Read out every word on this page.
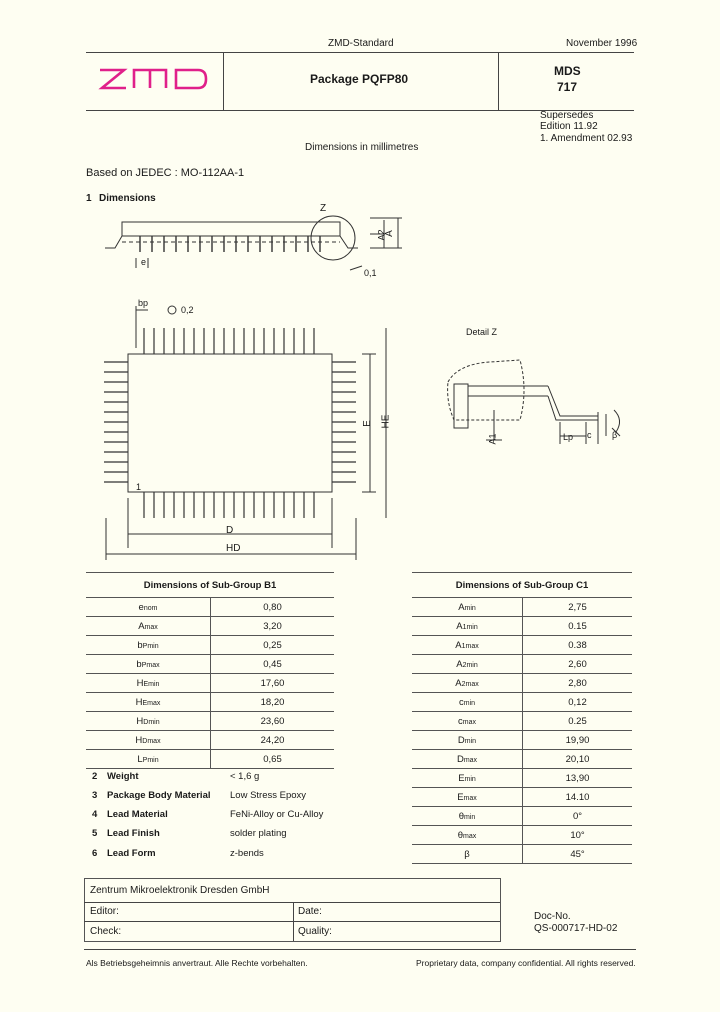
ZMD-Standard	November 1996
Package PQFP80
MDS
717
Supersedes
Edition 11.92
1. Amendment 02.93
Dimensions in millimetres
Based on JEDEC : MO-112AA-1
1 Dimensions
Z
e
A2
A
0,1
bp
0,2
1
D
HD
E HE
Detail Z
A1	Lp c β
Dimensions of Sub-Group B1	
enom	0,80
Amax	3,20
bPmin	0,25
bPmax	0,45
HEmin	17,60
HEmax	18,20
HDmin	23,60
HDmax	24,20
LPmin	0,65
Dimensions of Sub-Group C1	
Amin	2,75
A1min	0.15
A1max	0.38
A2min	2,60
A2max	2,80
cmin	0,12
cmax	0.25
Dmin	19,90
Dmax	20,10
Emin	13,90
Emax	14.10
θmin	0°
θmax	10°
β	45°
2 Weight	< 1,6 g
3 Package Body Material Low Stress Epoxy
4 Lead Material	FeNi-Alloy or Cu-Alloy
5 Lead Finish	solder plating
6 Lead Form	z-bends
Zentrum Mikroelektronik Dresden GmbH
Editor:	Date:
Check:	Quality:
Doc-No.
QS-000717-HD-02
Als Betriebsgeheimnis anvertraut. Alle Rechte vorbehalten.	Proprietary data, company confidential. All rights reserved.
